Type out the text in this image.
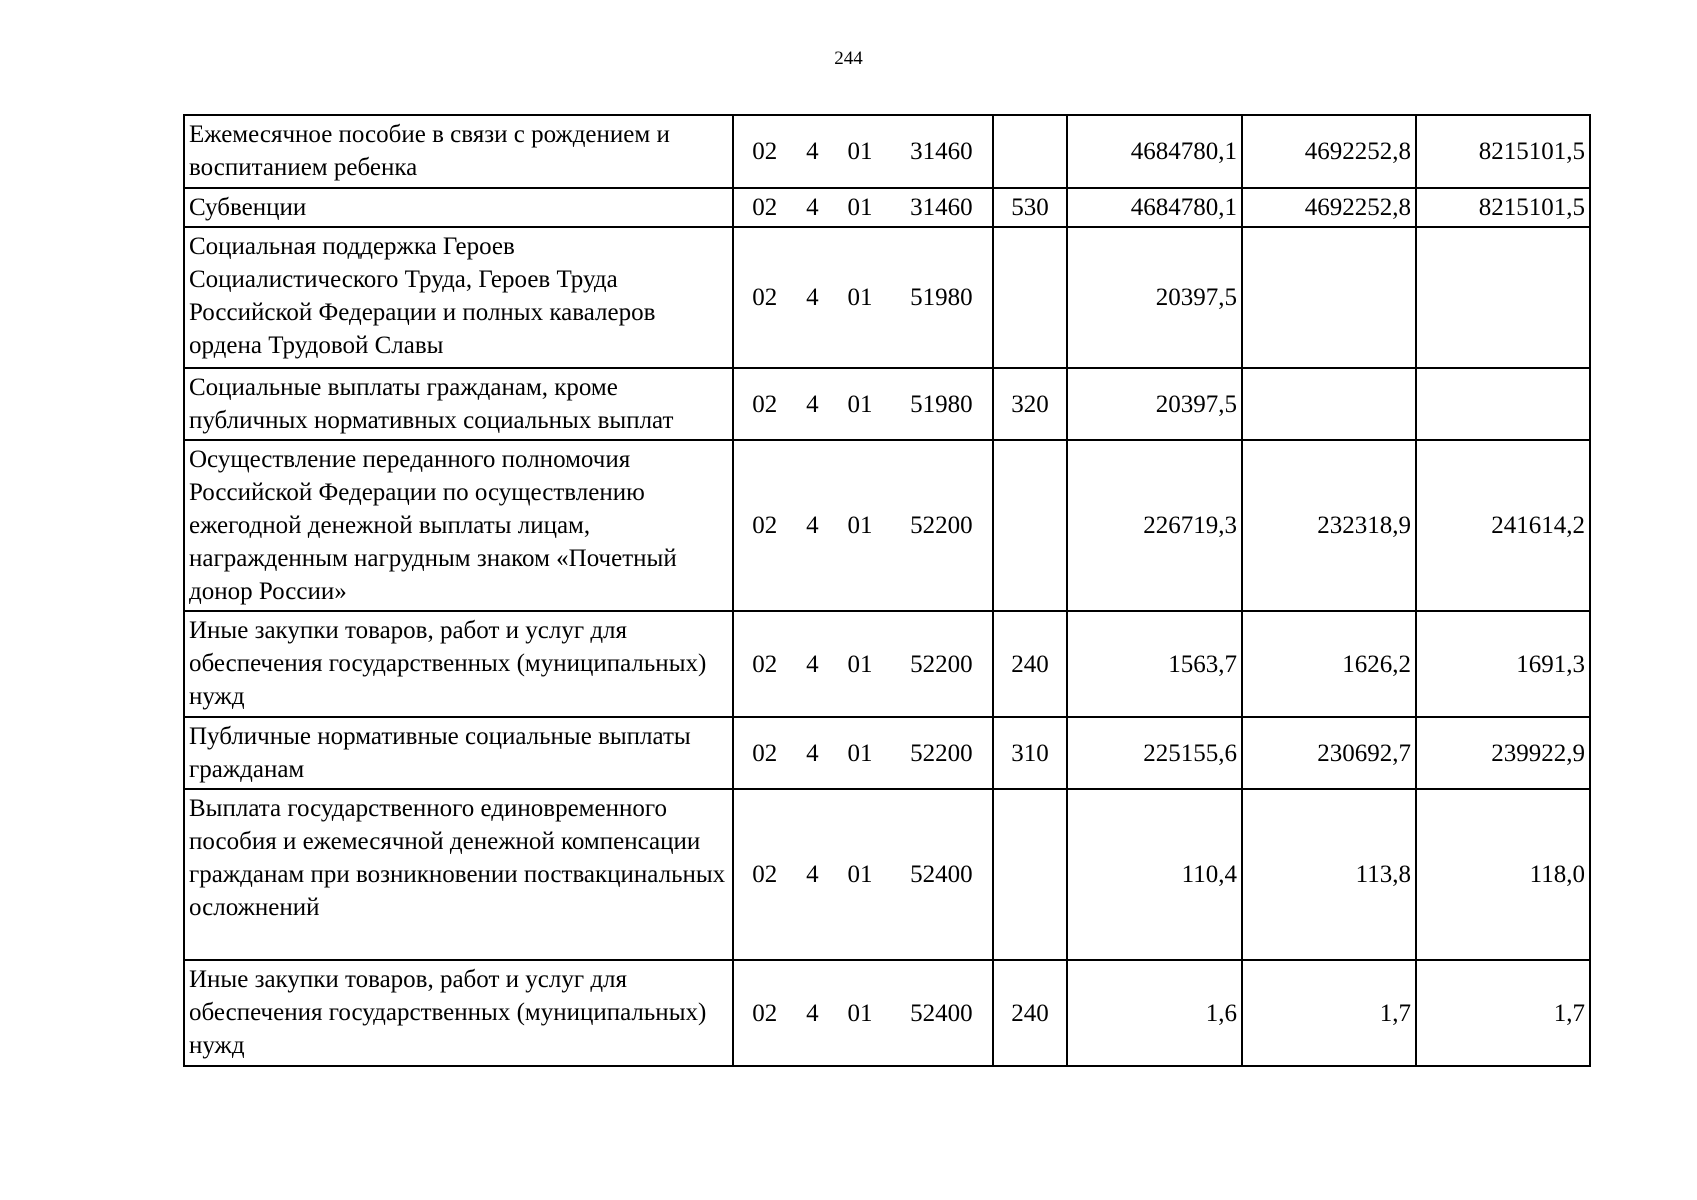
244
Ежемесячное пособие в связи с рождением и воспитанием ребенка	02 4 01 31460		4684780,1	4692252,8	8215101,5
Субвенции	02 4 01 31460	530	4684780,1	4692252,8	8215101,5
Социальная поддержка Героев Социалистического Труда, Героев Труда Российской Федерации и полных кавалеров ордена Трудовой Славы	02 4 01 51980		20397,5		
Социальные выплаты гражданам, кроме публичных нормативных социальных выплат	02 4 01 51980	320	20397,5		
Осуществление переданного полномочия Российской Федерации по осуществлению ежегодной денежной выплаты лицам, награжденным нагрудным знаком «Почетный донор России»	02 4 01 52200		226719,3	232318,9	241614,2
Иные закупки товаров, работ и услуг для обеспечения государственных (муниципальных) нужд	02 4 01 52200	240	1563,7	1626,2	1691,3
Публичные нормативные социальные выплаты гражданам	02 4 01 52200	310	225155,6	230692,7	239922,9
Выплата государственного единовременного пособия и ежемесячной денежной компенсации гражданам при возникновении поствакцинальных осложнений	02 4 01 52400		110,4	113,8	118,0
Иные закупки товаров, работ и услуг для обеспечения государственных (муниципальных) нужд	02 4 01 52400	240	1,6	1,7	1,7
